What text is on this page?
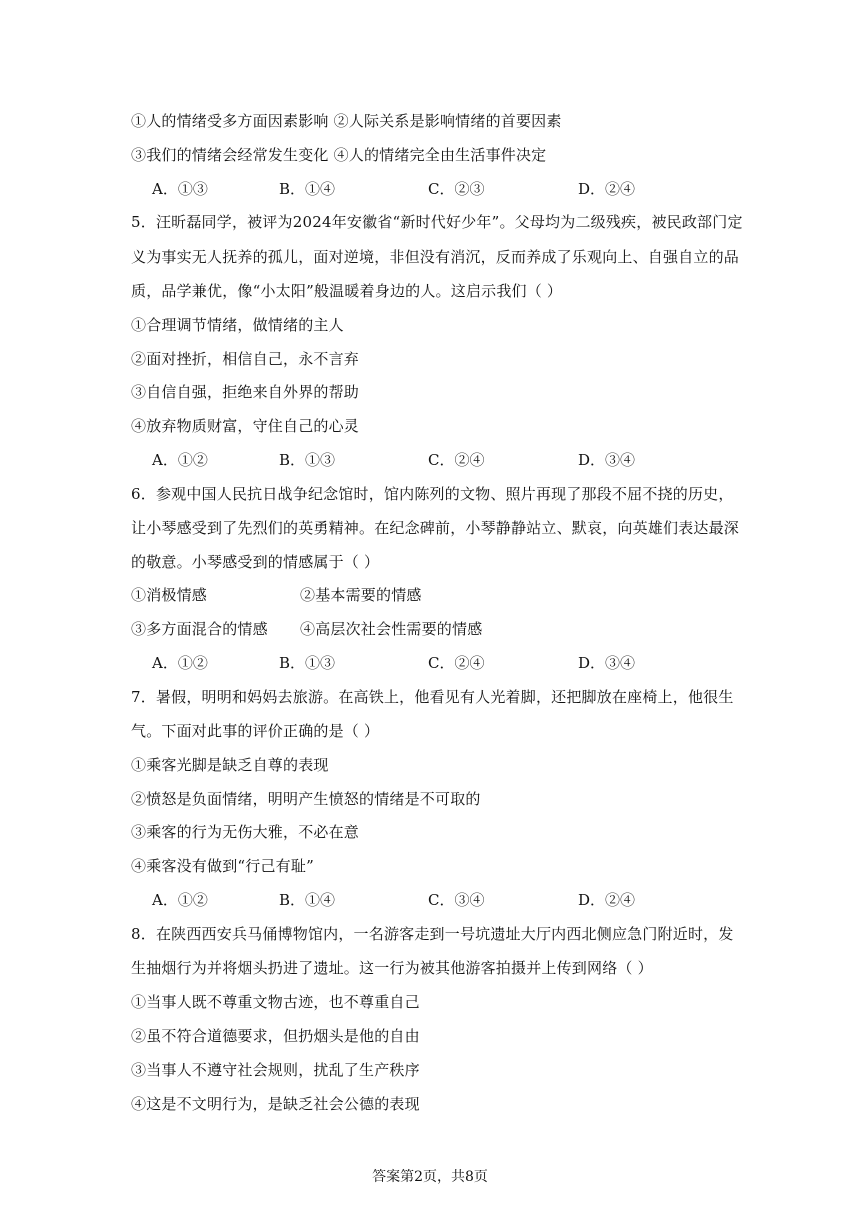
①人的情绪受多方面因素影响 ②人际关系是影响情绪的首要因素
③我们的情绪会经常发生变化 ④人的情绪完全由生活事件决定
A．①③	B．①④	C．②③	D．②④
5．汪昕磊同学，被评为2024年安徽省“新时代好少年”。父母均为二级残疾，被民政部门定
义为事实无人抚养的孤儿，面对逆境，非但没有消沉，反而养成了乐观向上、自强自立的品
质，品学兼优，像“小太阳”般温暖着身边的人。这启示我们（ ）
①合理调节情绪，做情绪的主人
②面对挫折，相信自己，永不言弃
③自信自强，拒绝来自外界的帮助
④放弃物质财富，守住自己的心灵
A．①②	B．①③	C．②④	D．③④
6．参观中国人民抗日战争纪念馆时，馆内陈列的文物、照片再现了那段不屈不挠的历史，
让小琴感受到了先烈们的英勇精神。在纪念碑前，小琴静静站立、默哀，向英雄们表达最深
的敬意。小琴感受到的情感属于（ ）
①消极情感	②基本需要的情感
③多方面混合的情感 ④高层次社会性需要的情感
A．①②	B．①③	C．②④	D．③④
7．暑假，明明和妈妈去旅游。在高铁上，他看见有人光着脚，还把脚放在座椅上，他很生
气。下面对此事的评价正确的是（ ）
①乘客光脚是缺乏自尊的表现
②愤怒是负面情绪，明明产生愤怒的情绪是不可取的
③乘客的行为无伤大雅，不必在意
④乘客没有做到“行己有耻”
A．①②	B．①④	C．③④	D．②④
8．在陕西西安兵马俑博物馆内，一名游客走到一号坑遗址大厅内西北侧应急门附近时，发
生抽烟行为并将烟头扔进了遗址。这一行为被其他游客拍摄并上传到网络（ ）
①当事人既不尊重文物古迹，也不尊重自己
②虽不符合道德要求，但扔烟头是他的自由
③当事人不遵守社会规则，扰乱了生产秩序
④这是不文明行为，是缺乏社会公德的表现
答案第2页，共8页
